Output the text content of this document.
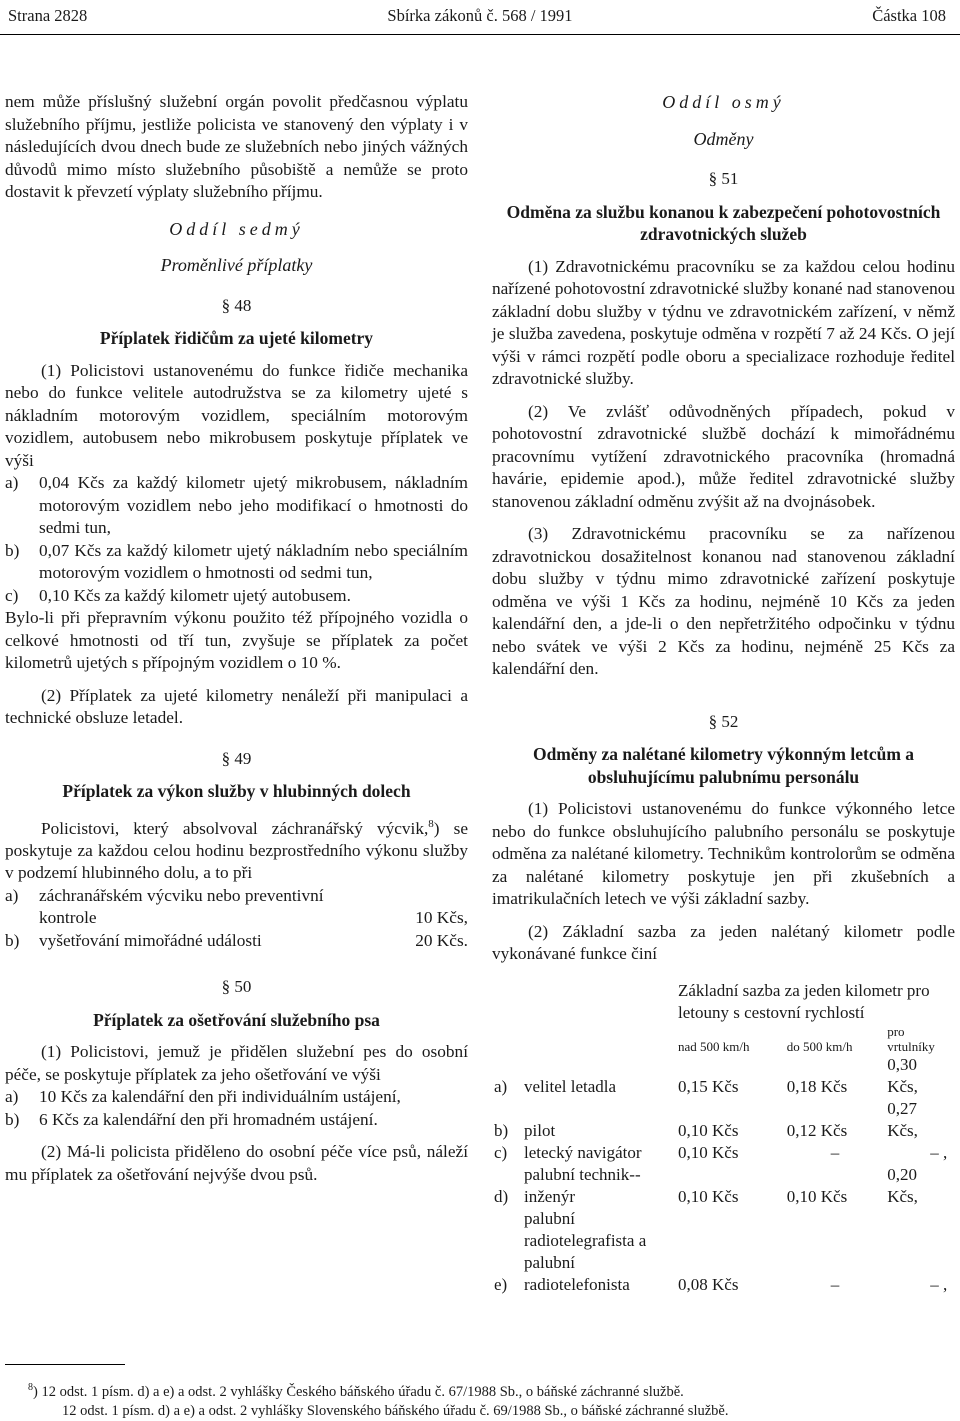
Strana 2828	Sbírka zákonů č. 568 / 1991	Částka 108

nem může příslušný služební orgán povolit předčasnou výplatu služebního příjmu, jestliže policista ve stanovený den výplaty i v následujících dvou dnech bude ze služebních nebo jiných vážných důvodů mimo místo služebního působiště a nemůže se proto dostavit k převzetí výplaty služebního příjmu.

Oddíl sedmý
Proměnlivé příplatky
§ 48
Příplatek řidičům za ujeté kilometry

(1) Policistovi ustanovenému do funkce řidiče mechanika nebo do funkce velitele autodružstva se za kilometry ujeté s nákladním motorovým vozidlem, speciálním motorovým vozidlem, autobusem nebo mikrobusem poskytuje příplatek ve výši

a)	0,04 Kčs za každý kilometr ujetý mikrobusem, nákladním motorovým vozidlem nebo jeho modifikací o hmotnosti do sedmi tun,
b)	0,07 Kčs za každý kilometr ujetý nákladním nebo speciálním motorovým vozidlem o hmotnosti od sedmi tun,
c)	0,10 Kčs za každý kilometr ujetý autobusem.

Bylo-li při přepravním výkonu použito též přípojného vozidla o celkové hmotnosti od tří tun, zvyšuje se příplatek za počet kilometrů ujetých s přípojným vozidlem o 10 %.

(2) Příplatek za ujeté kilometry nenáleží při manipulaci a technické obsluze letadel.

§ 49
Příplatek za výkon služby v hlubinných dolech

Policistovi, který absolvoval záchranářský výcvik,$^8$) se poskytuje za každou celou hodinu bezprostředního výkonu služby v podzemí hlubinného dolu, a to při

a)	záchranářském výcviku nebo preventivní kontrole	10 Kčs,
b)	vyšetřování mimořádné události	20 Kčs.
§ 50
Příplatek za ošetřování služebního psa

(1) Policistovi, jemuž je přidělen služební pes do osobní péče, se poskytuje příplatek za jeho ošetřování ve výši

a)	10 Kčs za kalendářní den při individuálním ustájení,
b)	6 Kčs za kalendářní den při hromadném ustájení.

(2) Má-li policista přiděleno do osobní péče více psů, náleží mu příplatek za ošetřování nejvýše dvou psů.

Oddíl osmý
Odměny
§ 51
Odměna za službu konanou k zabezpečení pohotovostních zdravotnických služeb

(1) Zdravotnickému pracovníku se za každou celou hodinu nařízené pohotovostní zdravotnické služby konané nad stanovenou základní dobu služby v týdnu ve zdravotnickém zařízení, v němž je služba zavedena, poskytuje odměna v rozpětí 7 až 24 Kčs. O její výši v rámci rozpětí podle oboru a specializace rozhoduje ředitel zdravotnické služby.

(2) Ve zvlášť odůvodněných případech, pokud v pohotovostní zdravotnické službě dochází k mimořádnému pracovnímu vytížení zdravotnického pracovníka (hromadná havárie, epidemie apod.), může ředitel zdravotnické služby stanovenou základní odměnu zvýšit až na dvojnásobek.

(3) Zdravotnickému pracovníku se za nařízenou zdravotnickou dosažitelnost konanou nad stanovenou základní dobu služby v týdnu mimo zdravotnické zařízení poskytuje odměna ve výši 1 Kčs za hodinu, nejméně 10 Kčs za jeden kalendářní den, a jde-li o den nepřetržitého odpočinku v týdnu nebo svátek ve výši 2 Kčs za hodinu, nejméně 25 Kčs za kalendářní den.

§ 52
Odměny za nalétané kilometry výkonným letcům a obsluhujícímu palubnímu personálu

(1) Policistovi ustanovenému do funkce výkonného letce nebo do funkce obsluhujícího palubního personálu se poskytuje odměna za nalétané kilometry. Technikům kontrolorům se odměna za nalétané kilometry poskytuje jen při zkušebních a imatrikulačních letech ve výši základní sazby.

(2) Základní sazba za jeden nalétaný kilometr podle vykonávané funkce činí

		Základní sazba za jeden kilometr pro letouny s cestovní rychlostí			
		nad 500 km/h	do 500 km/h	pro vrtulníky	
a)	velitel letadla	0,15 Kčs	0,18 Kčs	0,30 Kčs,	
b)	pilot	0,10 Kčs	0,12 Kčs	0,27 Kčs,	
c)	letecký navigátor	0,10 Kčs	–	– ,	
d)	palubní technik--inženýr	0,10 Kčs	0,10 Kčs	0,20 Kčs,	
e)	palubní radiotelegrafista a palubní radiotelefonista	0,08 Kčs	–	– ,	
$^8$) 12 odst. 1 písm. d) a e) a odst. 2 vyhlášky Českého báňského úřadu č. 67/1988 Sb., o báňské záchranné službě.
12 odst. 1 písm. d) a e) a odst. 2 vyhlášky Slovenského báňského úřadu č. 69/1988 Sb., o báňské záchranné službě.
